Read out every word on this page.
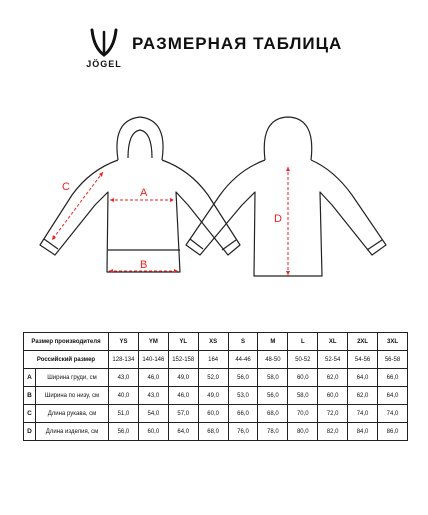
JÖGEL
РАЗМЕРНАЯ ТАБЛИЦА
A
B
C
D
Размер производителя		YS	YM	YL	XS	S	M	L	XL	2XL	3XL
Российский размер		128-134	140-146	152-158	164	44-46	48-50	50-52	52-54	54-56	56-58
A	Ширина груди, см	43,0	46,0	49,0	52,0	56,0	58,0	60,0	62,0	64,0	66,0
B	Ширина по низу, см	40,0	43,0	46,0	49,0	53,0	56,0	58,0	60,0	62,0	64,0
C	Длина рукава, см	51,0	54,0	57,0	60,0	66,0	68,0	70,0	72,0	74,0	74,0
D	Длина изделия, см	56,0	60,0	64,0	68,0	76,0	78,0	80,0	82,0	84,0	86,0
